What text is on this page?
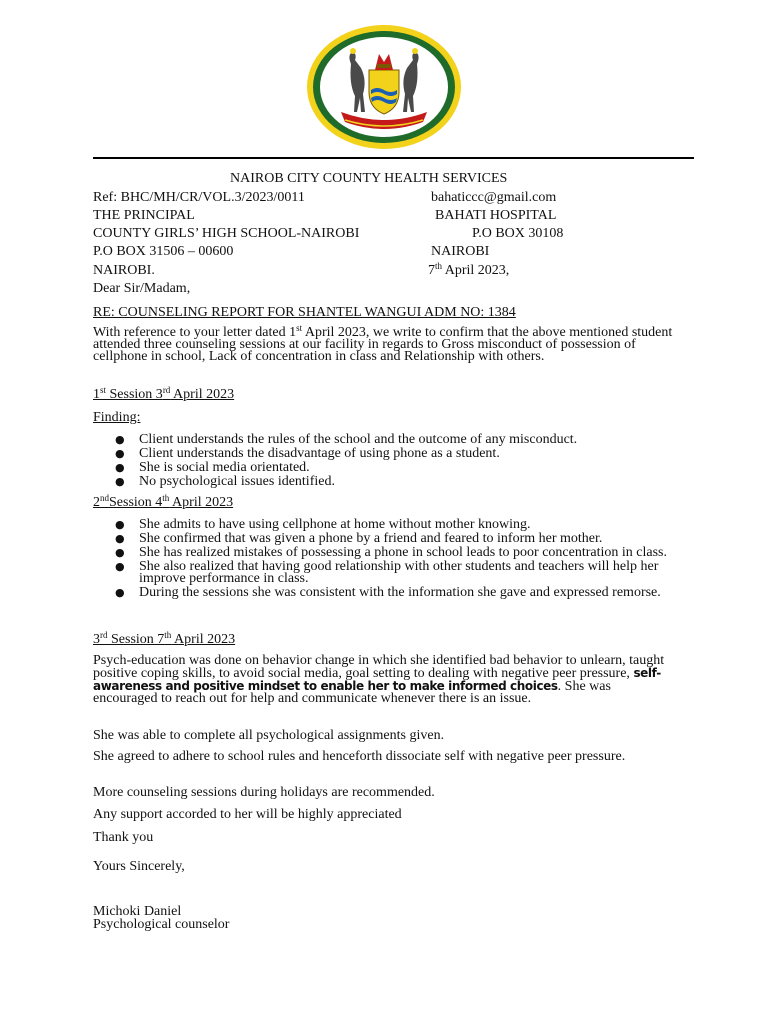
NAIROB CITY COUNTY HEALTH SERVICES
Ref: BHC/MH/CR/VOL.3/2023/0011	bahaticcc@gmail.com
THE PRINCIPAL	BAHATI HOSPITAL
COUNTY GIRLS’ HIGH SCHOOL-NAIROBI	P.O BOX 30108
P.O BOX 31506 – 00600	NAIROBI
NAIROBI.	7th April 2023,
Dear Sir/Madam,
RE: COUNSELING REPORT FOR SHANTEL WANGUI ADM NO: 1384
With reference to your letter dated 1st April 2023, we write to confirm that the above mentioned student attended three counseling sessions at our facility in regards to Gross misconduct of possession of cellphone in school, Lack of concentration in class and Relationship with others.
1st Session 3rd April 2023
Finding:
● Client understands the rules of the school and the outcome of any misconduct.
● Client understands the disadvantage of using phone as a student.
● She is social media orientated.
● No psychological issues identified.
2ndSession 4th April 2023
● She admits to have using cellphone at home without mother knowing.
● She confirmed that was given a phone by a friend and feared to inform her mother.
● She has realized mistakes of possessing a phone in school leads to poor concentration in class.
● She also realized that having good relationship with other students and teachers will help her improve performance in class.
● During the sessions she was consistent with the information she gave and expressed remorse.
3rd Session 7th April 2023
Psych-education was done on behavior change in which she identified bad behavior to unlearn, taught positive coping skills, to avoid social media, goal setting to dealing with negative peer pressure, self-awareness and positive mindset to enable her to make informed choices. She was encouraged to reach out for help and communicate whenever there is an issue.
She was able to complete all psychological assignments given.
She agreed to adhere to school rules and henceforth dissociate self with negative peer pressure.
More counseling sessions during holidays are recommended.
Any support accorded to her will be highly appreciated
Thank you
Yours Sincerely,
Michoki Daniel
Psychological counselor
